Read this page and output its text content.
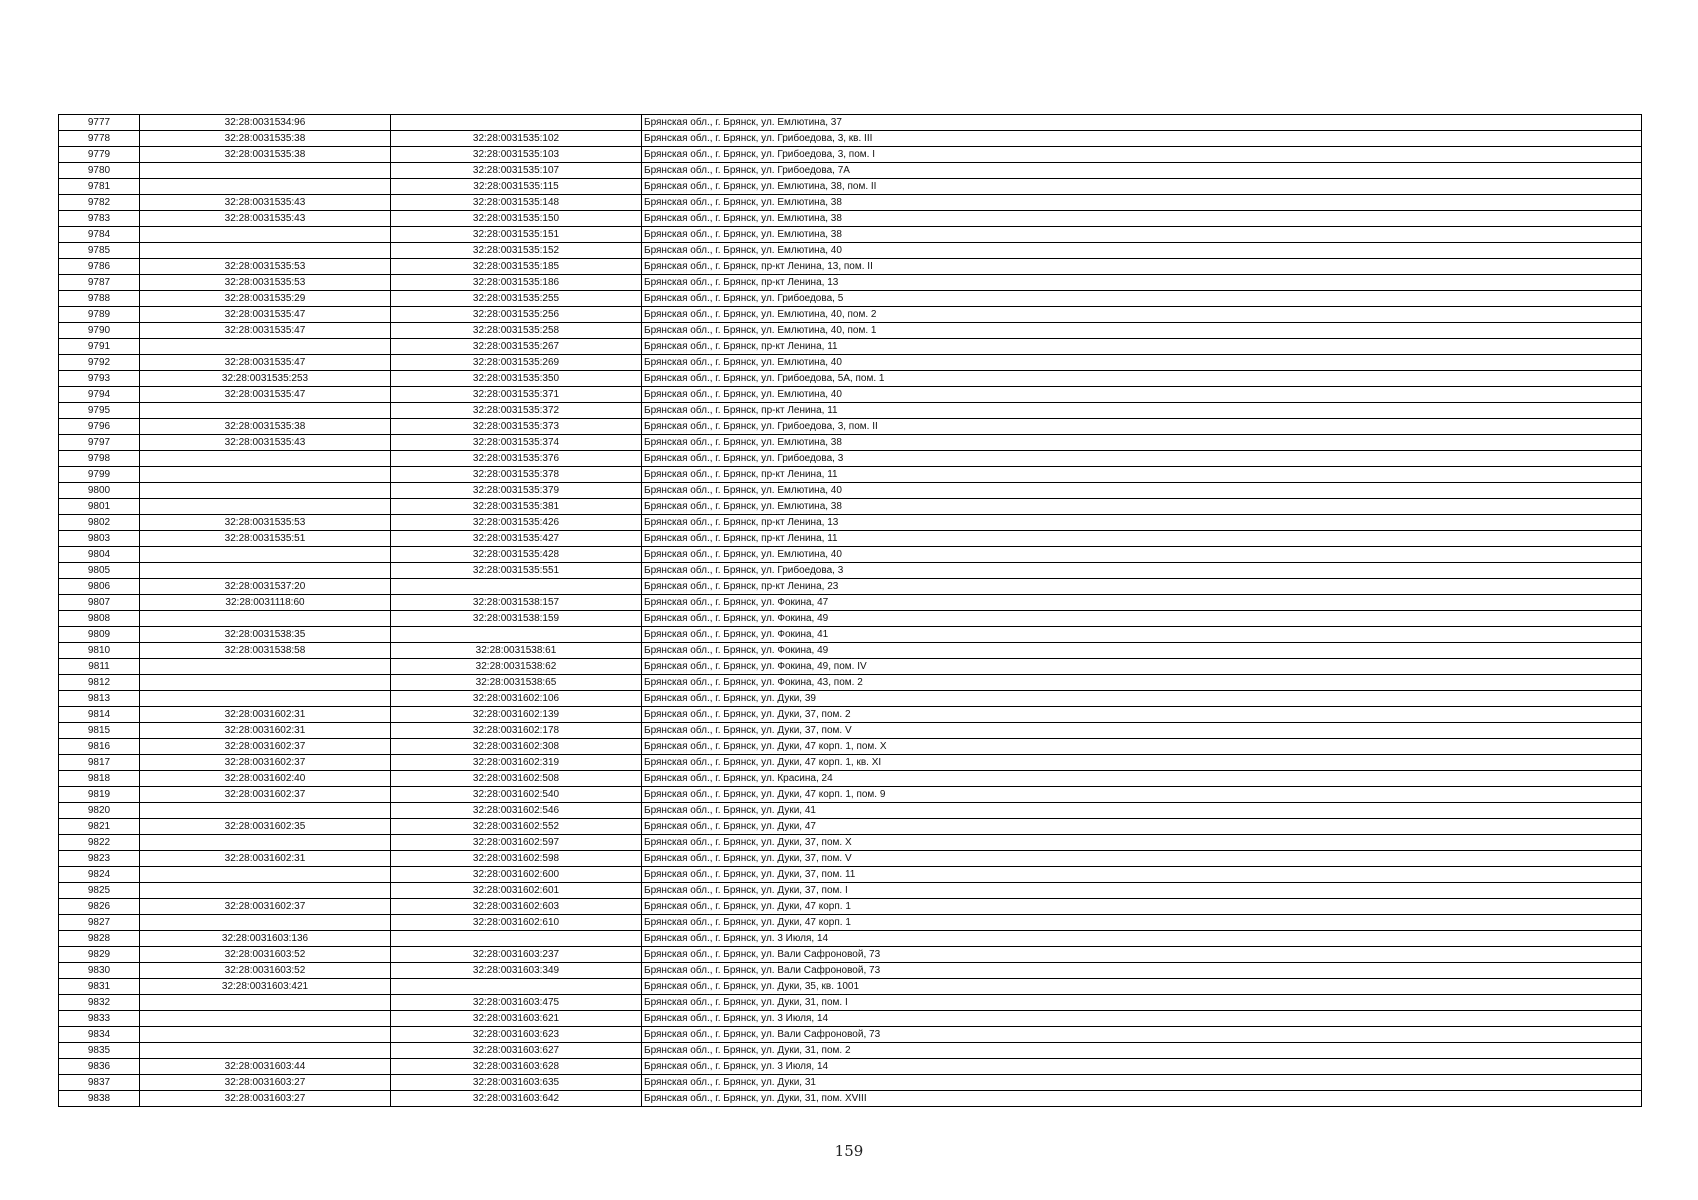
9777	32:28:0031534:96		Брянская обл., г. Брянск, ул. Емлютина, 37
9778	32:28:0031535:38	32:28:0031535:102	Брянская обл., г. Брянск, ул. Грибоедова, 3, кв. III
9779	32:28:0031535:38	32:28:0031535:103	Брянская обл., г. Брянск, ул. Грибоедова, 3, пом. I
9780		32:28:0031535:107	Брянская обл., г. Брянск, ул. Грибоедова, 7А
9781		32:28:0031535:115	Брянская обл., г. Брянск, ул. Емлютина, 38, пом. II
9782	32:28:0031535:43	32:28:0031535:148	Брянская обл., г. Брянск, ул. Емлютина, 38
9783	32:28:0031535:43	32:28:0031535:150	Брянская обл., г. Брянск, ул. Емлютина, 38
9784		32:28:0031535:151	Брянская обл., г. Брянск, ул. Емлютина, 38
9785		32:28:0031535:152	Брянская обл., г. Брянск, ул. Емлютина, 40
9786	32:28:0031535:53	32:28:0031535:185	Брянская обл., г. Брянск, пр-кт Ленина, 13, пом. II
9787	32:28:0031535:53	32:28:0031535:186	Брянская обл., г. Брянск, пр-кт Ленина, 13
9788	32:28:0031535:29	32:28:0031535:255	Брянская обл., г. Брянск, ул. Грибоедова, 5
9789	32:28:0031535:47	32:28:0031535:256	Брянская обл., г. Брянск, ул. Емлютина, 40, пом. 2
9790	32:28:0031535:47	32:28:0031535:258	Брянская обл., г. Брянск, ул. Емлютина, 40, пом. 1
9791		32:28:0031535:267	Брянская обл., г. Брянск, пр-кт Ленина, 11
9792	32:28:0031535:47	32:28:0031535:269	Брянская обл., г. Брянск, ул. Емлютина, 40
9793	32:28:0031535:253	32:28:0031535:350	Брянская обл., г. Брянск, ул. Грибоедова, 5А, пом. 1
9794	32:28:0031535:47	32:28:0031535:371	Брянская обл., г. Брянск, ул. Емлютина, 40
9795		32:28:0031535:372	Брянская обл., г. Брянск, пр-кт Ленина, 11
9796	32:28:0031535:38	32:28:0031535:373	Брянская обл., г. Брянск, ул. Грибоедова, 3, пом. II
9797	32:28:0031535:43	32:28:0031535:374	Брянская обл., г. Брянск, ул. Емлютина, 38
9798		32:28:0031535:376	Брянская обл., г. Брянск, ул. Грибоедова, 3
9799		32:28:0031535:378	Брянская обл., г. Брянск, пр-кт Ленина, 11
9800		32:28:0031535:379	Брянская обл., г. Брянск, ул. Емлютина, 40
9801		32:28:0031535:381	Брянская обл., г. Брянск, ул. Емлютина, 38
9802	32:28:0031535:53	32:28:0031535:426	Брянская обл., г. Брянск, пр-кт Ленина, 13
9803	32:28:0031535:51	32:28:0031535:427	Брянская обл., г. Брянск, пр-кт Ленина, 11
9804		32:28:0031535:428	Брянская обл., г. Брянск, ул. Емлютина, 40
9805		32:28:0031535:551	Брянская обл., г. Брянск, ул. Грибоедова, 3
9806	32:28:0031537:20		Брянская обл., г. Брянск, пр-кт Ленина, 23
9807	32:28:0031118:60	32:28:0031538:157	Брянская обл., г. Брянск, ул. Фокина, 47
9808		32:28:0031538:159	Брянская обл., г. Брянск, ул. Фокина, 49
9809	32:28:0031538:35		Брянская обл., г. Брянск, ул. Фокина, 41
9810	32:28:0031538:58	32:28:0031538:61	Брянская обл., г. Брянск, ул. Фокина, 49
9811		32:28:0031538:62	Брянская обл., г. Брянск, ул. Фокина, 49, пом. IV
9812		32:28:0031538:65	Брянская обл., г. Брянск, ул. Фокина, 43, пом. 2
9813		32:28:0031602:106	Брянская обл., г. Брянск, ул. Дуки, 39
9814	32:28:0031602:31	32:28:0031602:139	Брянская обл., г. Брянск, ул. Дуки, 37, пом. 2
9815	32:28:0031602:31	32:28:0031602:178	Брянская обл., г. Брянск, ул. Дуки, 37, пом. V
9816	32:28:0031602:37	32:28:0031602:308	Брянская обл., г. Брянск, ул. Дуки, 47 корп. 1, пом. X
9817	32:28:0031602:37	32:28:0031602:319	Брянская обл., г. Брянск, ул. Дуки, 47 корп. 1, кв. XI
9818	32:28:0031602:40	32:28:0031602:508	Брянская обл., г. Брянск, ул. Красина, 24
9819	32:28:0031602:37	32:28:0031602:540	Брянская обл., г. Брянск, ул. Дуки, 47 корп. 1, пом. 9
9820		32:28:0031602:546	Брянская обл., г. Брянск, ул. Дуки, 41
9821	32:28:0031602:35	32:28:0031602:552	Брянская обл., г. Брянск, ул. Дуки, 47
9822		32:28:0031602:597	Брянская обл., г. Брянск, ул. Дуки, 37, пом. X
9823	32:28:0031602:31	32:28:0031602:598	Брянская обл., г. Брянск, ул. Дуки, 37, пом. V
9824		32:28:0031602:600	Брянская обл., г. Брянск, ул. Дуки, 37, пом. 11
9825		32:28:0031602:601	Брянская обл., г. Брянск, ул. Дуки, 37, пом. I
9826	32:28:0031602:37	32:28:0031602:603	Брянская обл., г. Брянск, ул. Дуки, 47 корп. 1
9827		32:28:0031602:610	Брянская обл., г. Брянск, ул. Дуки, 47 корп. 1
9828	32:28:0031603:136		Брянская обл., г. Брянск, ул. 3 Июля, 14
9829	32:28:0031603:52	32:28:0031603:237	Брянская обл., г. Брянск, ул. Вали Сафроновой, 73
9830	32:28:0031603:52	32:28:0031603:349	Брянская обл., г. Брянск, ул. Вали Сафроновой, 73
9831	32:28:0031603:421		Брянская обл., г. Брянск, ул. Дуки, 35, кв. 1001
9832		32:28:0031603:475	Брянская обл., г. Брянск, ул. Дуки, 31, пом. I
9833		32:28:0031603:621	Брянская обл., г. Брянск, ул. 3 Июля, 14
9834		32:28:0031603:623	Брянская обл., г. Брянск, ул. Вали Сафроновой, 73
9835		32:28:0031603:627	Брянская обл., г. Брянск, ул. Дуки, 31, пом. 2
9836	32:28:0031603:44	32:28:0031603:628	Брянская обл., г. Брянск, ул. 3 Июля, 14
9837	32:28:0031603:27	32:28:0031603:635	Брянская обл., г. Брянск, ул. Дуки, 31
9838	32:28:0031603:27	32:28:0031603:642	Брянская обл., г. Брянск, ул. Дуки, 31, пом. XVIII
159
